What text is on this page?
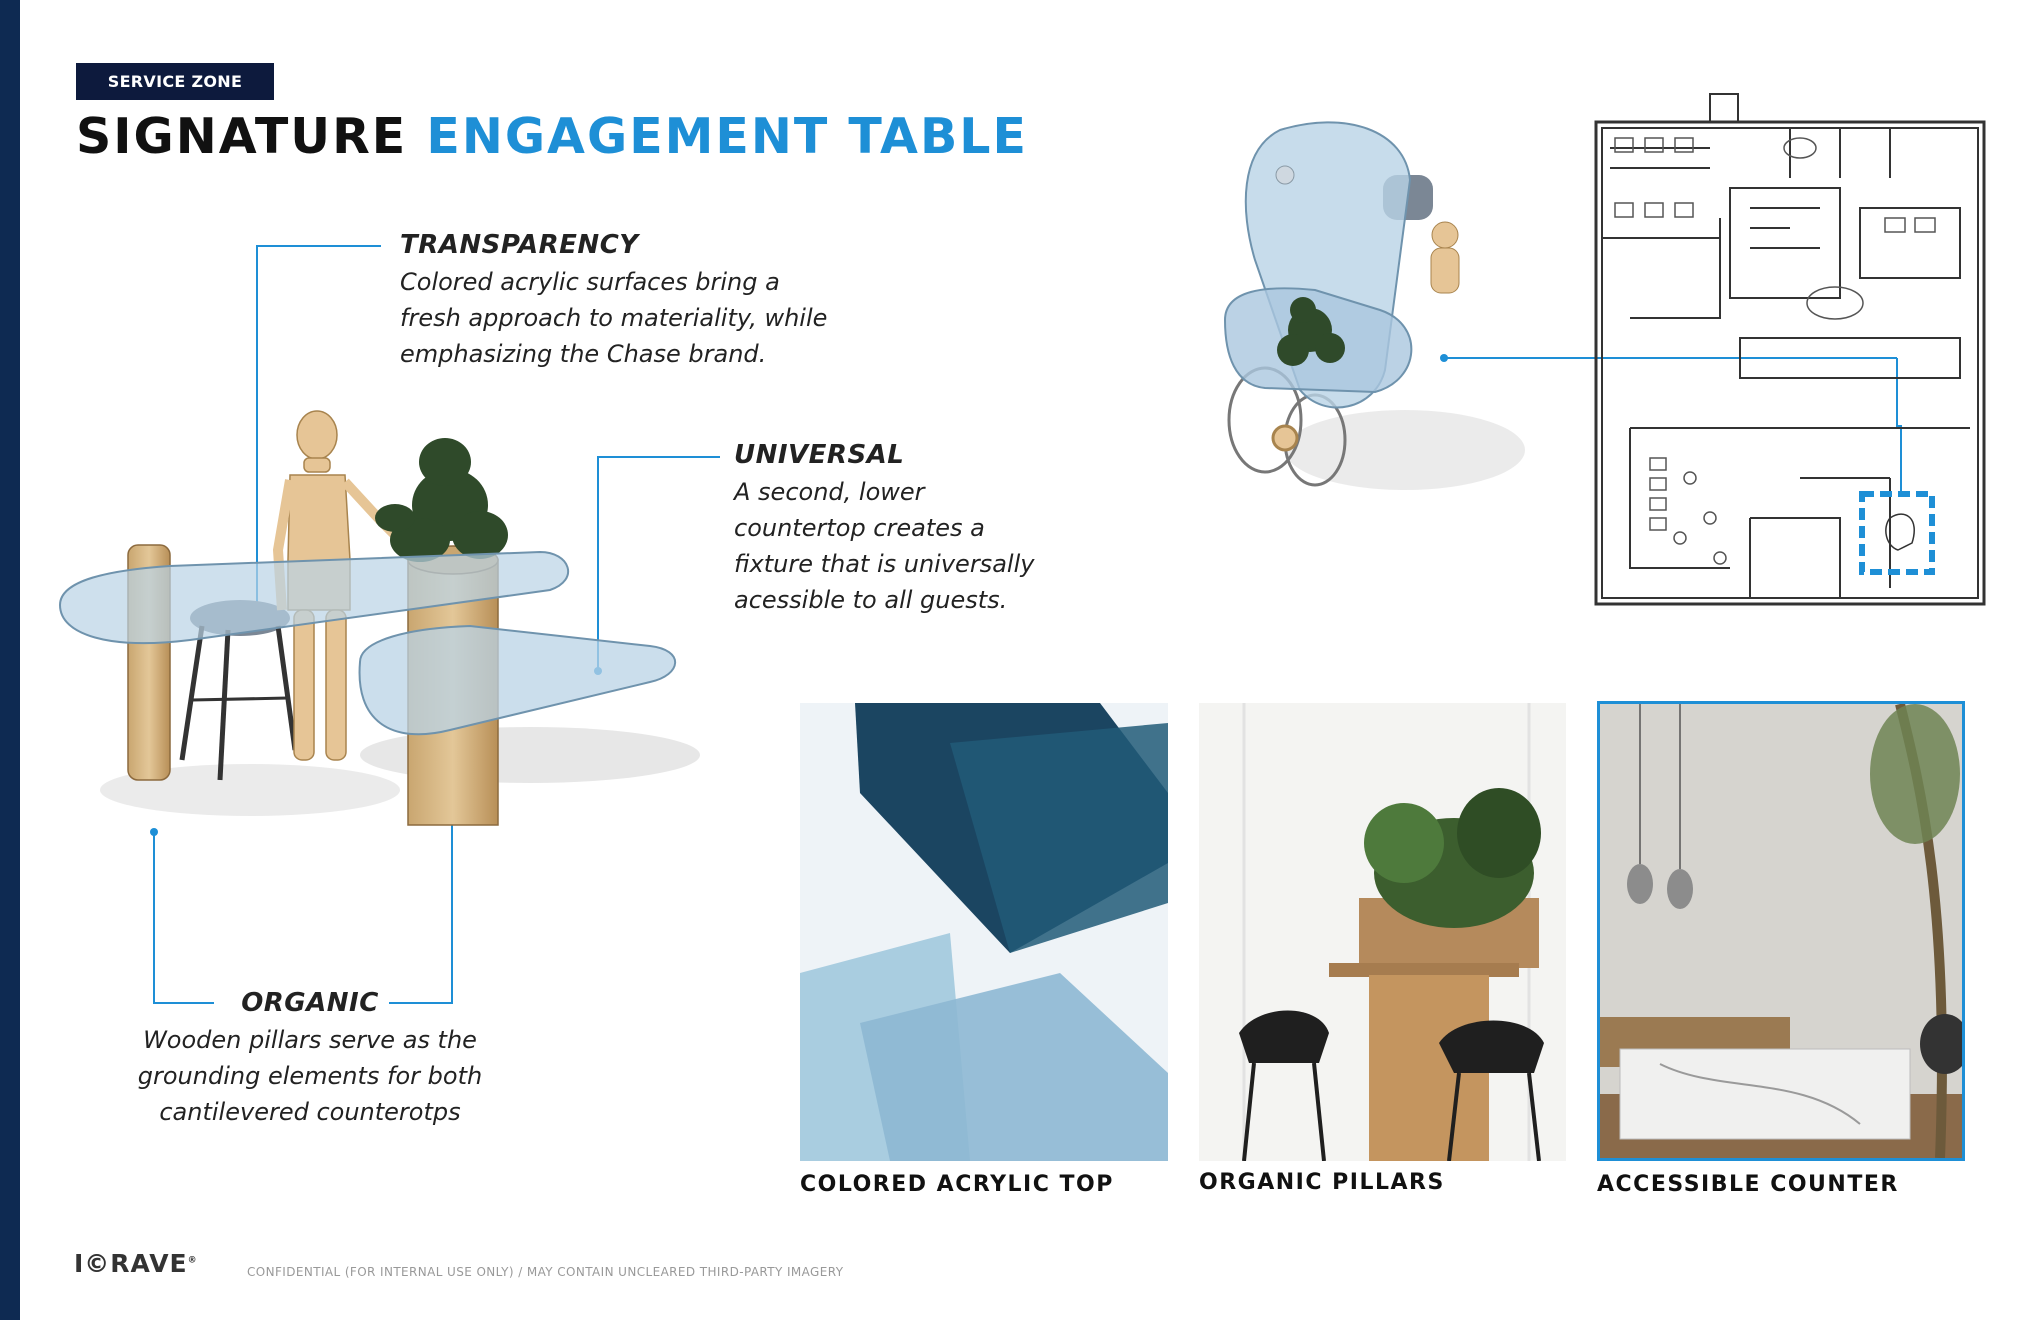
SERVICE ZONE
SIGNATURE ENGAGEMENT TABLE
TRANSPARENCY
Colored acrylic surfaces bring a
fresh approach to materiality, while
emphasizing the Chase brand.
UNIVERSAL
A second, lower
countertop creates a
fixture that is universally
acessible to all guests.
ORGANIC
Wooden pillars serve as the
grounding elements for both
cantilevered counterotps
COLORED ACRYLIC TOP	ORGANIC PILLARS	ACCESSIBLE COUNTER
I©RAVE®
CONFIDENTIAL (FOR INTERNAL USE ONLY) / MAY CONTAIN UNCLEARED THIRD-PARTY IMAGERY
